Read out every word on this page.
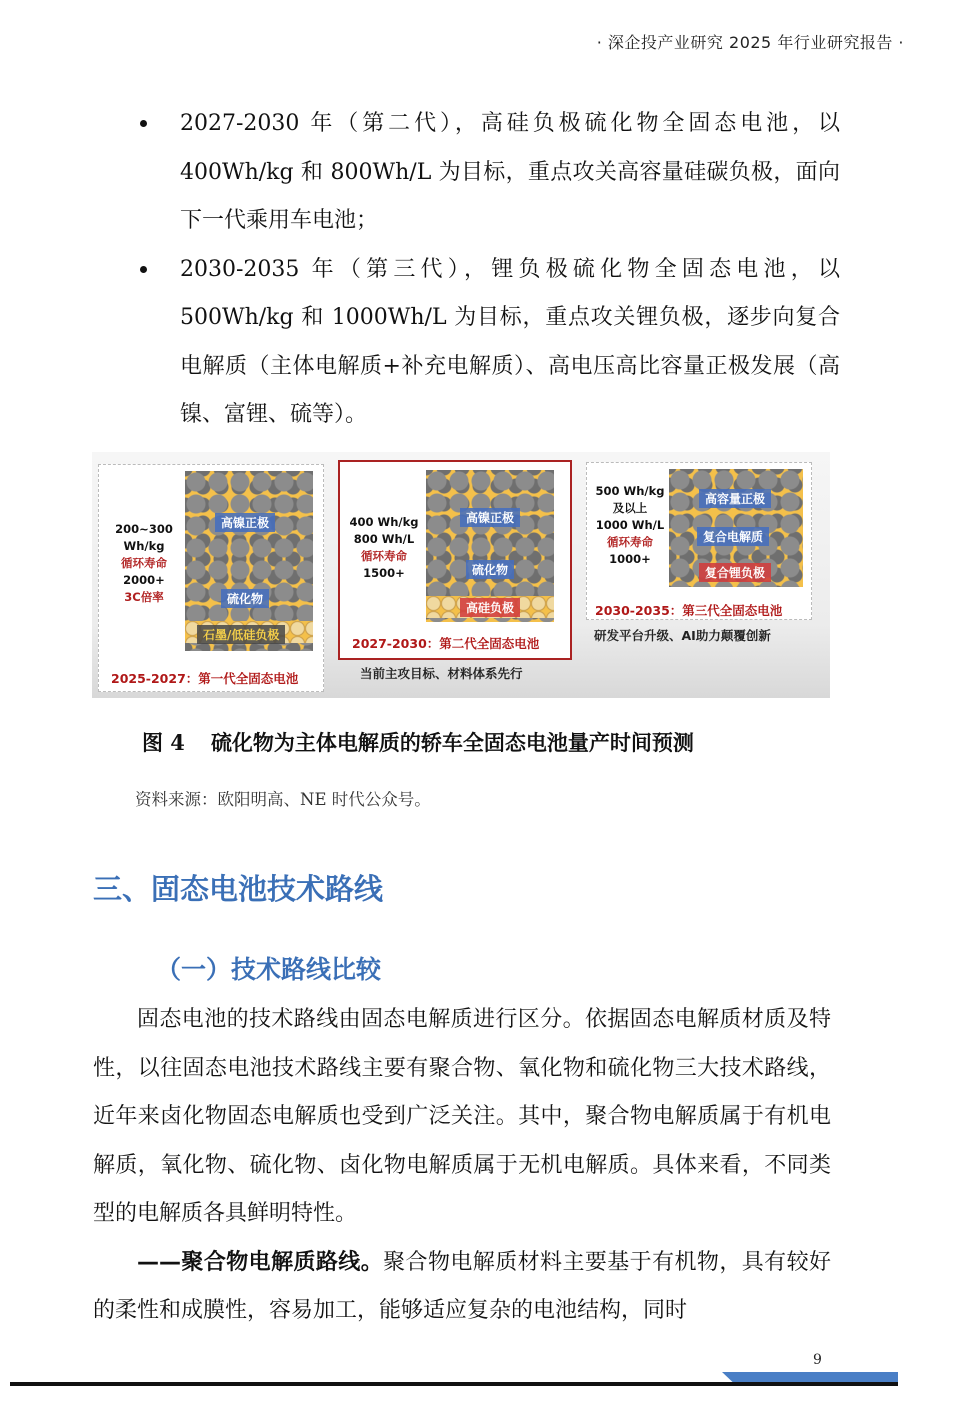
· 深企投产业研究 2025 年行业研究报告 ·
2027-2030 年（第二代），高硅负极硫化物全固态电池，以 400Wh/kg 和 800Wh/L 为目标，重点攻关高容量硅碳负极，面向下一代乘用车电池；
2030-2035 年（第三代），锂负极硫化物全固态电池，以 500Wh/kg 和 1000Wh/L 为目标，重点攻关锂负极，逐步向复合电解质（主体电解质+补充电解质）、高电压高比容量正极发展（高镍、富锂、硫等）。
200~300
Wh/kg
循环寿命
2000+
3C倍率
高镍正极
硫化物
石墨/低硅负极
2025-2027：第一代全固态电池
400 Wh/kg
800 Wh/L
循环寿命
1500+
高镍正极
硫化物
高硅负极
2027-2030：第二代全固态电池
当前主攻目标、材料体系先行
500 Wh/kg
及以上
1000 Wh/L
循环寿命
1000+
高容量正极
复合电解质
复合锂负极
2030-2035：第三代全固态电池
研发平台升级、AI助力颠覆创新
图 4 硫化物为主体电解质的轿车全固态电池量产时间预测
资料来源：欧阳明高、NE 时代公众号。
三、固态电池技术路线
（一）技术路线比较

固态电池的技术路线由固态电解质进行区分。依据固态电解质材质及特性，以往固态电池技术路线主要有聚合物、氧化物和硫化物三大技术路线，近年来卤化物固态电解质也受到广泛关注。其中，聚合物电解质属于有机电解质，氧化物、硫化物、卤化物电解质属于无机电解质。具体来看，不同类型的电解质各具鲜明特性。

——聚合物电解质路线。聚合物电解质材料主要基于有机物，具有较好的柔性和成膜性，容易加工，能够适应复杂的电池结构，同时

9
